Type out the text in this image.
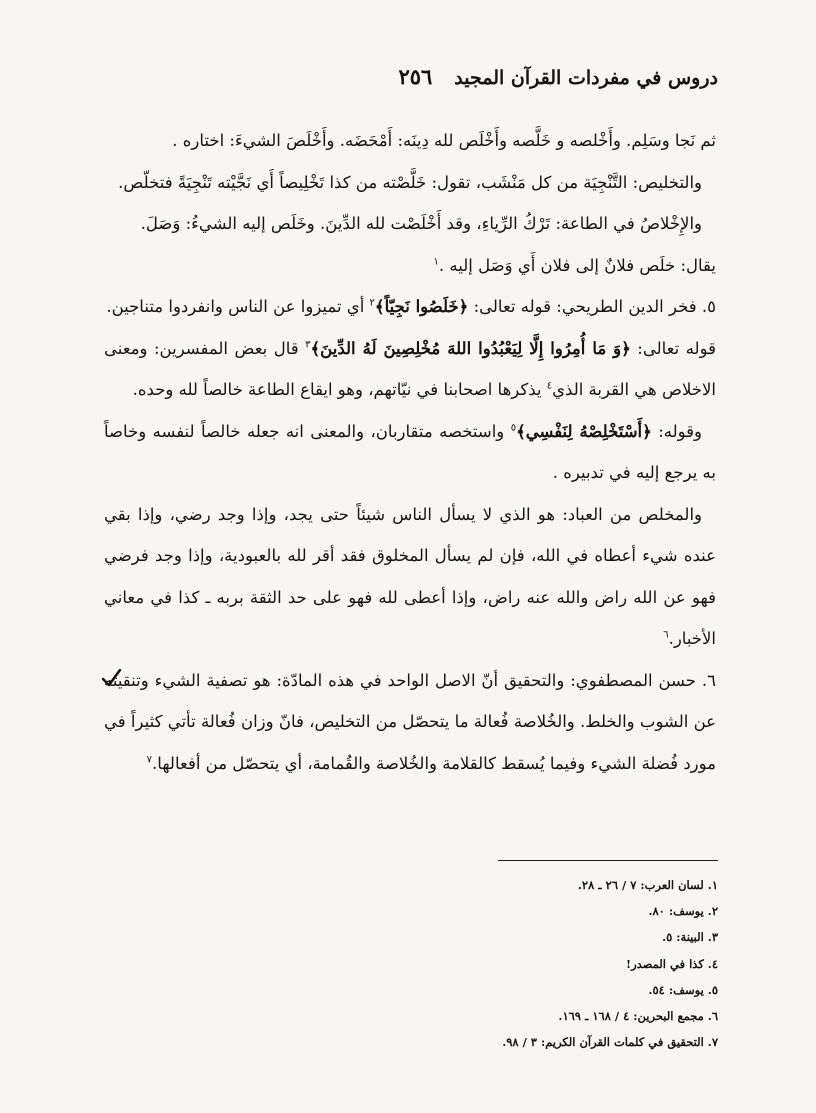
دروس في مفردات القرآن المجيد
٢٥٦

ثم نَجا وسَلِم. وأَخْلصه و خَلَّصه وأَخْلَص لله دِينَه: أَمْحَضَه. وأَخْلَصَ الشيءَ: اختاره .

والتخليص: التَّنْجِيَة من كل مَنْشَب، تقول: خَلَّصْته من كذا تَخْلِيصاً أَي نَجَّيْته تَنْجِيَةً فتخلّص.

والإِخْلاصُ في الطاعة: تَرْكُ الرِّياءِ، وقد أَخْلَصْت لله الدِّينَ. وخَلَص إليه الشيءُ: وَصَلَ.

يقال: خلَص فلانٌ إلى فلان أَي وَصَل إليه .$^١$

٥. فخر الدين الطريحي: قوله تعالى: ﴿خَلَصُوا نَجِيّاً﴾$^٢$ أي تميزوا عن الناس وانفردوا متناجين.

قوله تعالى: ﴿وَ مَا أُمِرُوا إِلَّا لِيَعْبُدُوا اللهَ مُخْلِصِينَ لَهُ الدِّينَ﴾$^٣$ قال بعض المفسرين: ومعنى الاخلاص هي القربة الذي$^٤$ يذكرها اصحابنا في نيّاتهم، وهو ايقاع الطاعة خالصاً لله وحده.

وقوله: ﴿أَسْتَخْلِصْهُ لِنَفْسِي﴾$^٥$ واستخصه متقاربان، والمعنى انه جعله خالصاً لنفسه وخاصاً به يرجع إليه في تدبيره .

والمخلص من العباد: هو الذي لا يسأل الناس شيئاً حتى يجد، وإذا وجد رضي، وإذا بقي عنده شيء أعطاه في الله، فإن لم يسأل المخلوق فقد أقر لله بالعبودية، وإذا وجد فرضي فهو عن الله راض والله عنه راض، وإذا أعطى لله فهو على حد الثقة بربه ـ كذا في معاني الأخبار.$^٦$

٦. حسن المصطفوي: والتحقيق أنّ الاصل الواحد في هذه المادّة: هو تصفية الشيء وتنقيته عن الشوب والخلط. والخُلاصة فُعالة ما يتحصّل من التخليص، فانّ وزان فُعالة تأتي كثيراً في مورد فُضلة الشيء وفيما يُسقط كالقلامة والخُلاصة والقُمامة، أي يتحصّل من أفعالها.$^٧$

١. لسان العرب: ٧ / ٢٦ ـ ٢٨.
٢. يوسف: ٨٠.
٣. البينة: ٥.
٤. كذا في المصدر!
٥. يوسف: ٥٤.
٦. مجمع البحرين: ٤ / ١٦٨ ـ ١٦٩.
٧. التحقيق في كلمات القرآن الكريم: ٣ / ٩٨.
